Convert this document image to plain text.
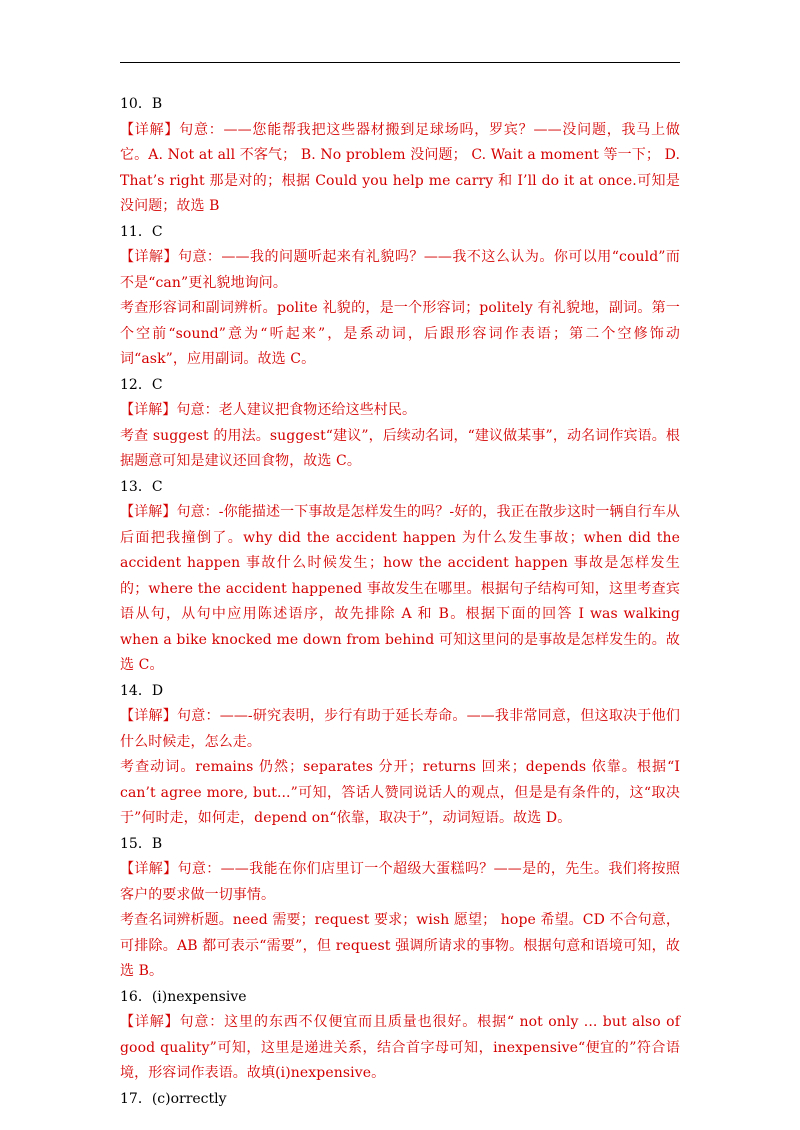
10．B
【详解】句意：——您能帮我把这些器材搬到足球场吗，罗宾？——没问题，我马上做它。A. Not at all 不客气； B. No problem 没问题； C. Wait a moment 等一下； D. That’s right 那是对的；根据 Could you help me carry 和 I’ll do it at once.可知是没问题；故选 B
11．C
【详解】句意：——我的问题听起来有礼貌吗？——我不这么认为。你可以用“could”而不是“can”更礼貌地询问。
考查形容词和副词辨析。polite 礼貌的，是一个形容词；politely 有礼貌地，副词。第一个空前“sound”意为“听起来”，是系动词，后跟形容词作表语；第二个空修饰动词“ask”，应用副词。故选 C。
12．C
【详解】句意：老人建议把食物还给这些村民。
考查 suggest 的用法。suggest“建议”，后续动名词，“建议做某事”，动名词作宾语。根据题意可知是建议还回食物，故选 C。
13．C
【详解】句意：-你能描述一下事故是怎样发生的吗？-好的，我正在散步这时一辆自行车从后面把我撞倒了。why did the accident happen 为什么发生事故；when did the accident happen 事故什么时候发生；how the accident happen 事故是怎样发生的；where the accident happened 事故发生在哪里。根据句子结构可知，这里考查宾语从句，从句中应用陈述语序，故先排除 A 和 B。根据下面的回答 I was walking when a bike knocked me down from behind 可知这里问的是事故是怎样发生的。故选 C。
14．D
【详解】句意：——-研究表明，步行有助于延长寿命。——我非常同意，但这取决于他们什么时候走，怎么走。
考查动词。remains 仍然；separates 分开；returns 回来；depends 依靠。根据“I can’t agree more, but...”可知，答话人赞同说话人的观点，但是是有条件的，这“取决于”何时走，如何走，depend on“依靠，取决于”，动词短语。故选 D。
15．B
【详解】句意：——我能在你们店里订一个超级大蛋糕吗？——是的，先生。我们将按照客户的要求做一切事情。
考查名词辨析题。need 需要；request 要求；wish 愿望； hope 希望。CD 不合句意，可排除。AB 都可表示“需要”，但 request 强调所请求的事物。根据句意和语境可知，故选 B。
16．(i)nexpensive
【详解】句意：这里的东西不仅便宜而且质量也很好。根据“ not only ... but also of good quality”可知，这里是递进关系，结合首字母可知，inexpensive“便宜的”符合语境，形容词作表语。故填(i)nexpensive。
17．(c)orrectly
